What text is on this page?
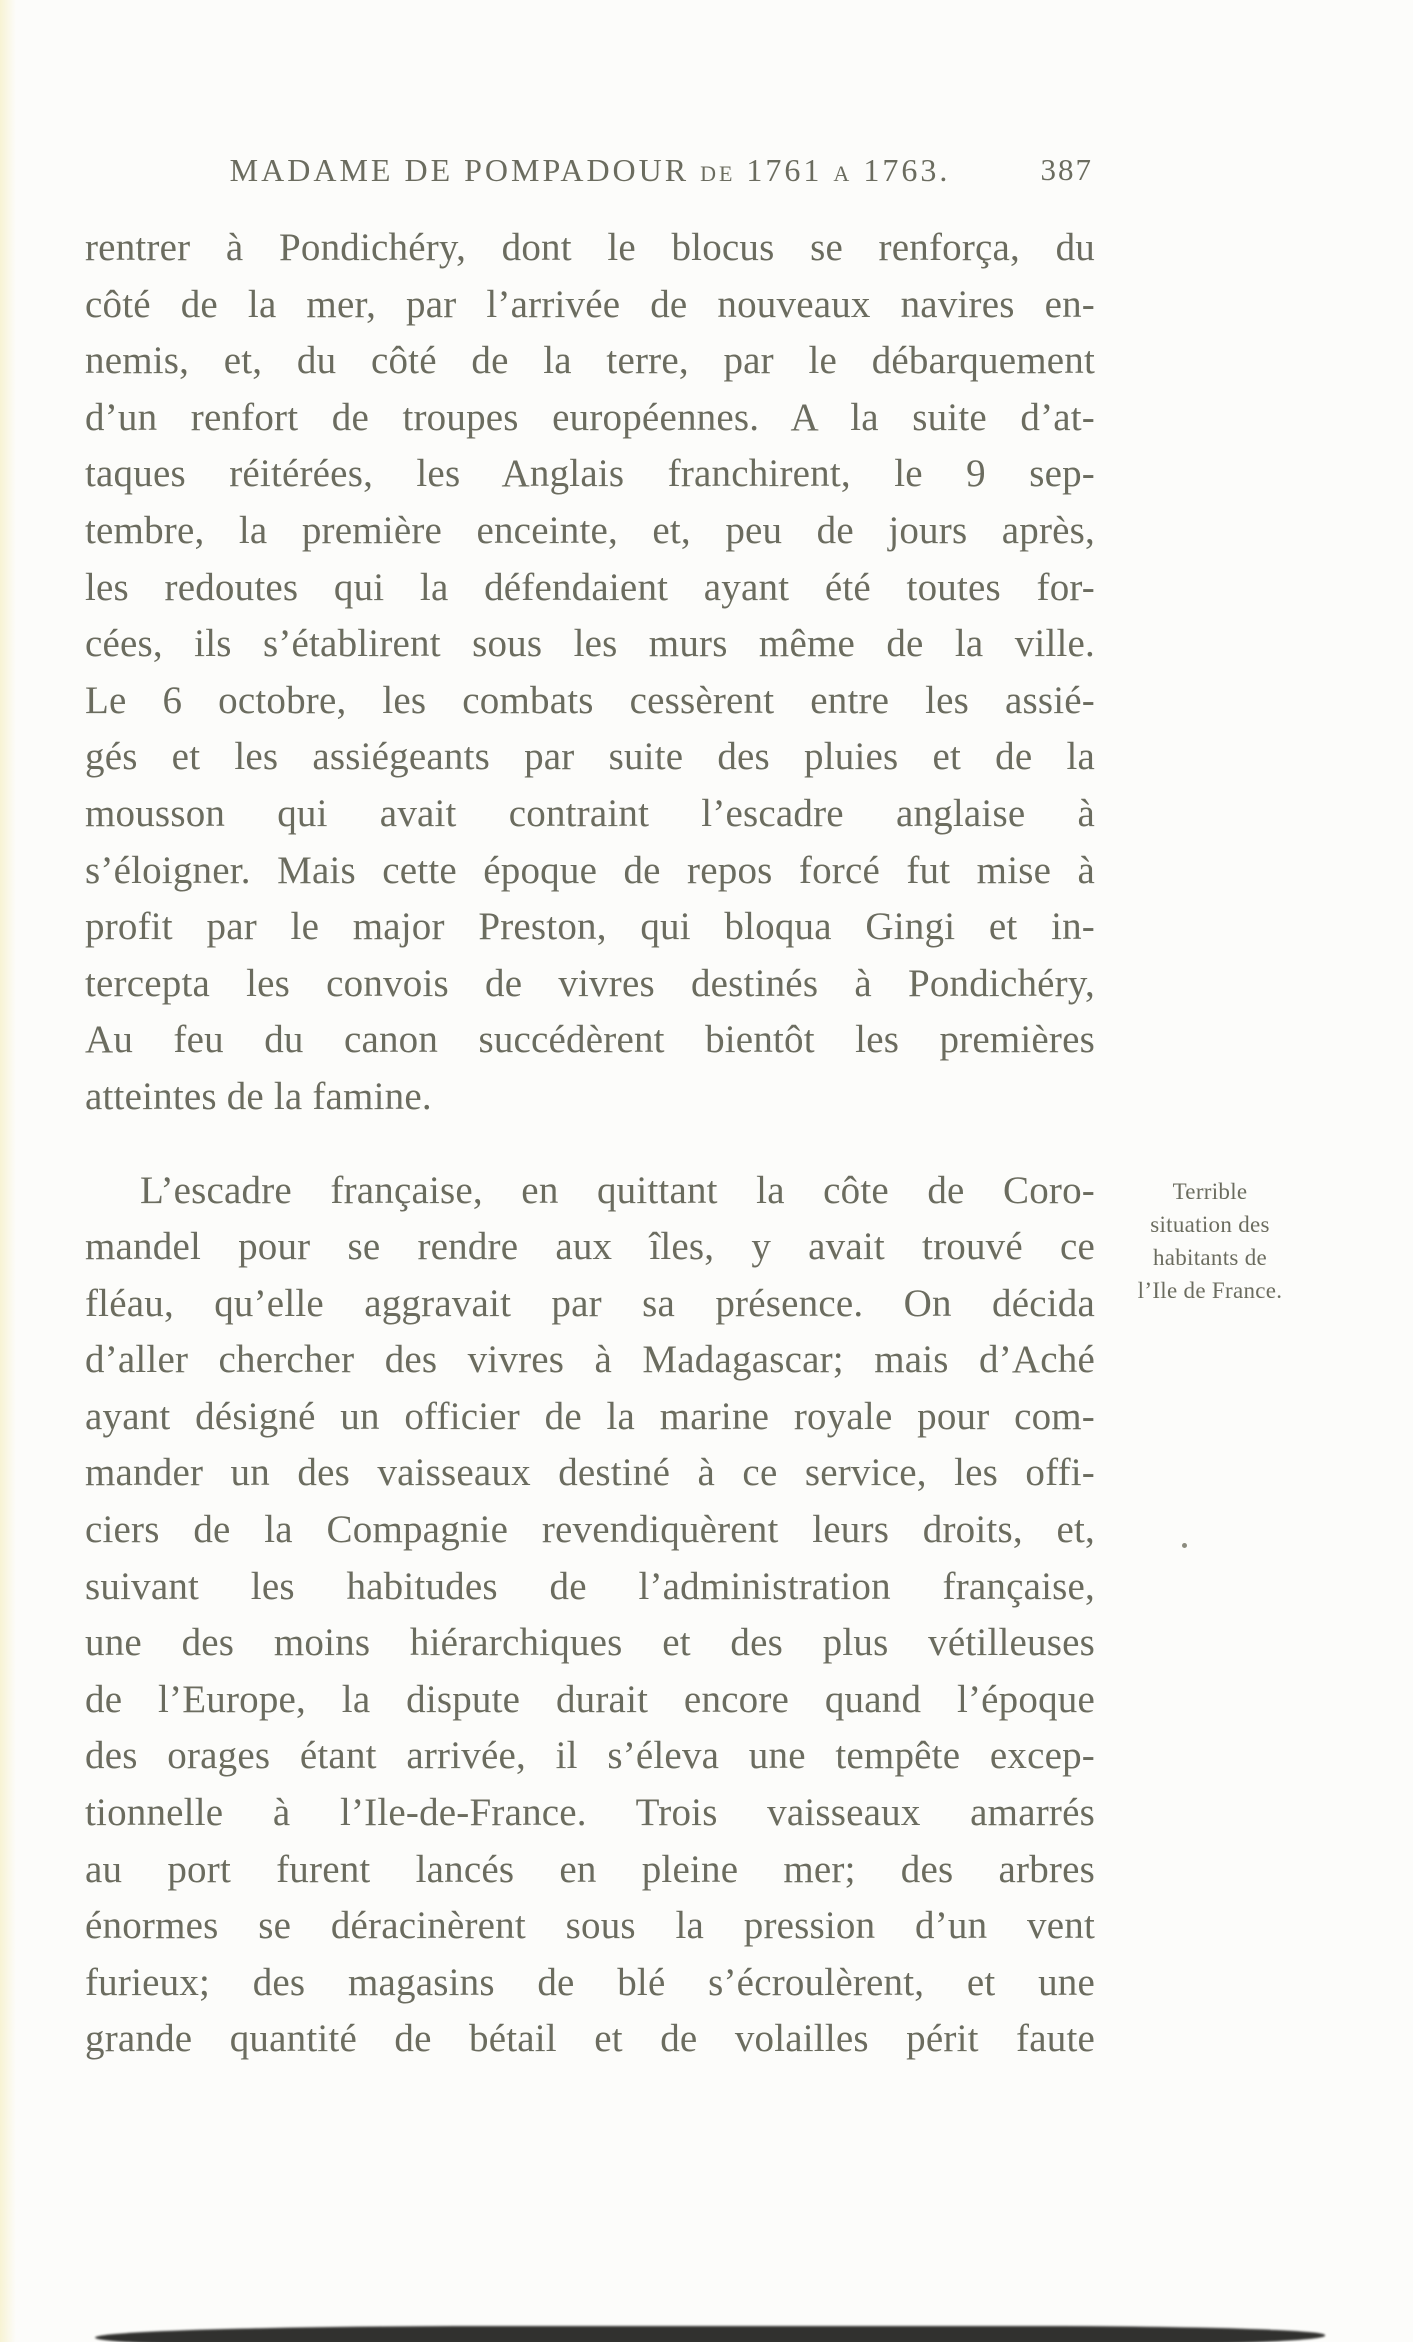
MADAME DE POMPADOUR de 1761 a 1763.	387
rentrer à Pondichéry, dont le blocus se renforça, du
côté de la mer, par l’arrivée de nouveaux navires en-
nemis, et, du côté de la terre, par le débarquement
d’un renfort de troupes européennes. A la suite d’at-
taques réitérées, les Anglais franchirent, le 9 sep-
tembre, la première enceinte, et, peu de jours après,
les redoutes qui la défendaient ayant été toutes for-
cées, ils s’établirent sous les murs même de la ville.
Le 6 octobre, les combats cessèrent entre les assié-
gés et les assiégeants par suite des pluies et de la
mousson qui avait contraint l’escadre anglaise à
s’éloigner. Mais cette époque de repos forcé fut mise à
profit par le major Preston, qui bloqua Gingi et in-
tercepta les convois de vivres destinés à Pondichéry,
Au feu du canon succédèrent bientôt les premières
atteintes de la famine.
L’escadre française, en quittant la côte de Coro-
mandel pour se rendre aux îles, y avait trouvé ce
fléau, qu’elle aggravait par sa présence. On décida
d’aller chercher des vivres à Madagascar; mais d’Aché
ayant désigné un officier de la marine royale pour com-
mander un des vaisseaux destiné à ce service, les offi-
ciers de la Compagnie revendiquèrent leurs droits, et,
suivant les habitudes de l’administration française,
une des moins hiérarchiques et des plus vétilleuses
de l’Europe, la dispute durait encore quand l’époque
des orages étant arrivée, il s’éleva une tempête excep-
tionnelle à l’Ile-de-France. Trois vaisseaux amarrés
au port furent lancés en pleine mer; des arbres
énormes se déracinèrent sous la pression d’un vent
furieux; des magasins de blé s’écroulèrent, et une
grande quantité de bétail et de volailles périt faute
Terrible
situation des
habitants de
l’Ile de France.
